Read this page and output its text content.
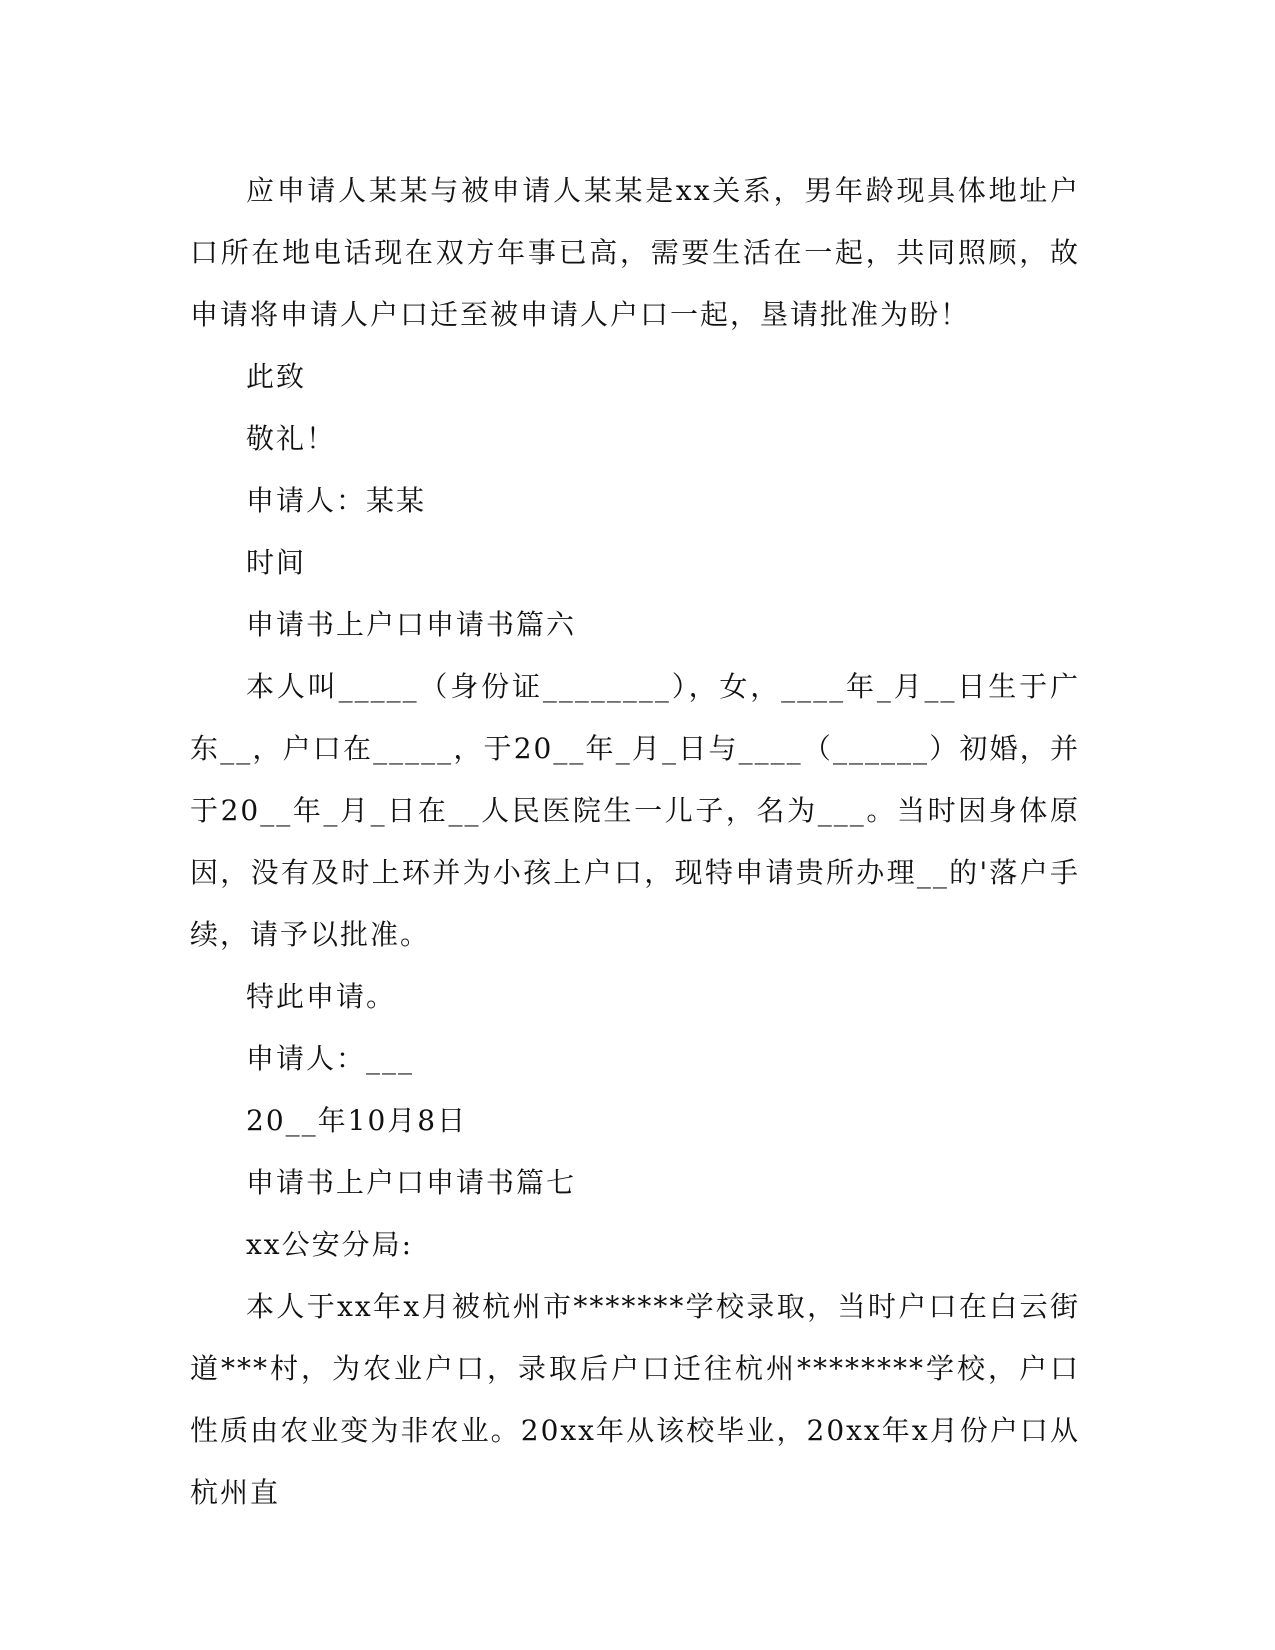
应申请人某某与被申请人某某是xx关系，男年龄现具体地址户口所在地电话现在双方年事已高，需要生活在一起，共同照顾，故申请将申请人户口迁至被申请人户口一起，垦请批准为盼！

此致

敬礼！

申请人：某某

时间

申请书上户口申请书篇六

本人叫_____（身份证________），女，____年_月__日生于广东__，户口在_____，于20__年_月_日与____（______）初婚，并于20__年_月_日在__人民医院生一儿子，名为___。当时因身体原因，没有及时上环并为小孩上户口，现特申请贵所办理__的'落户手续，请予以批准。

特此申请。

申请人：___

20__年10月8日

申请书上户口申请书篇七

xx公安分局:

本人于xx年x月被杭州市*******学校录取，当时户口在白云街道***村，为农业户口，录取后户口迁往杭州********学校，户口性质由农业变为非农业。20xx年从该校毕业，20xx年x月份户口从杭州直
